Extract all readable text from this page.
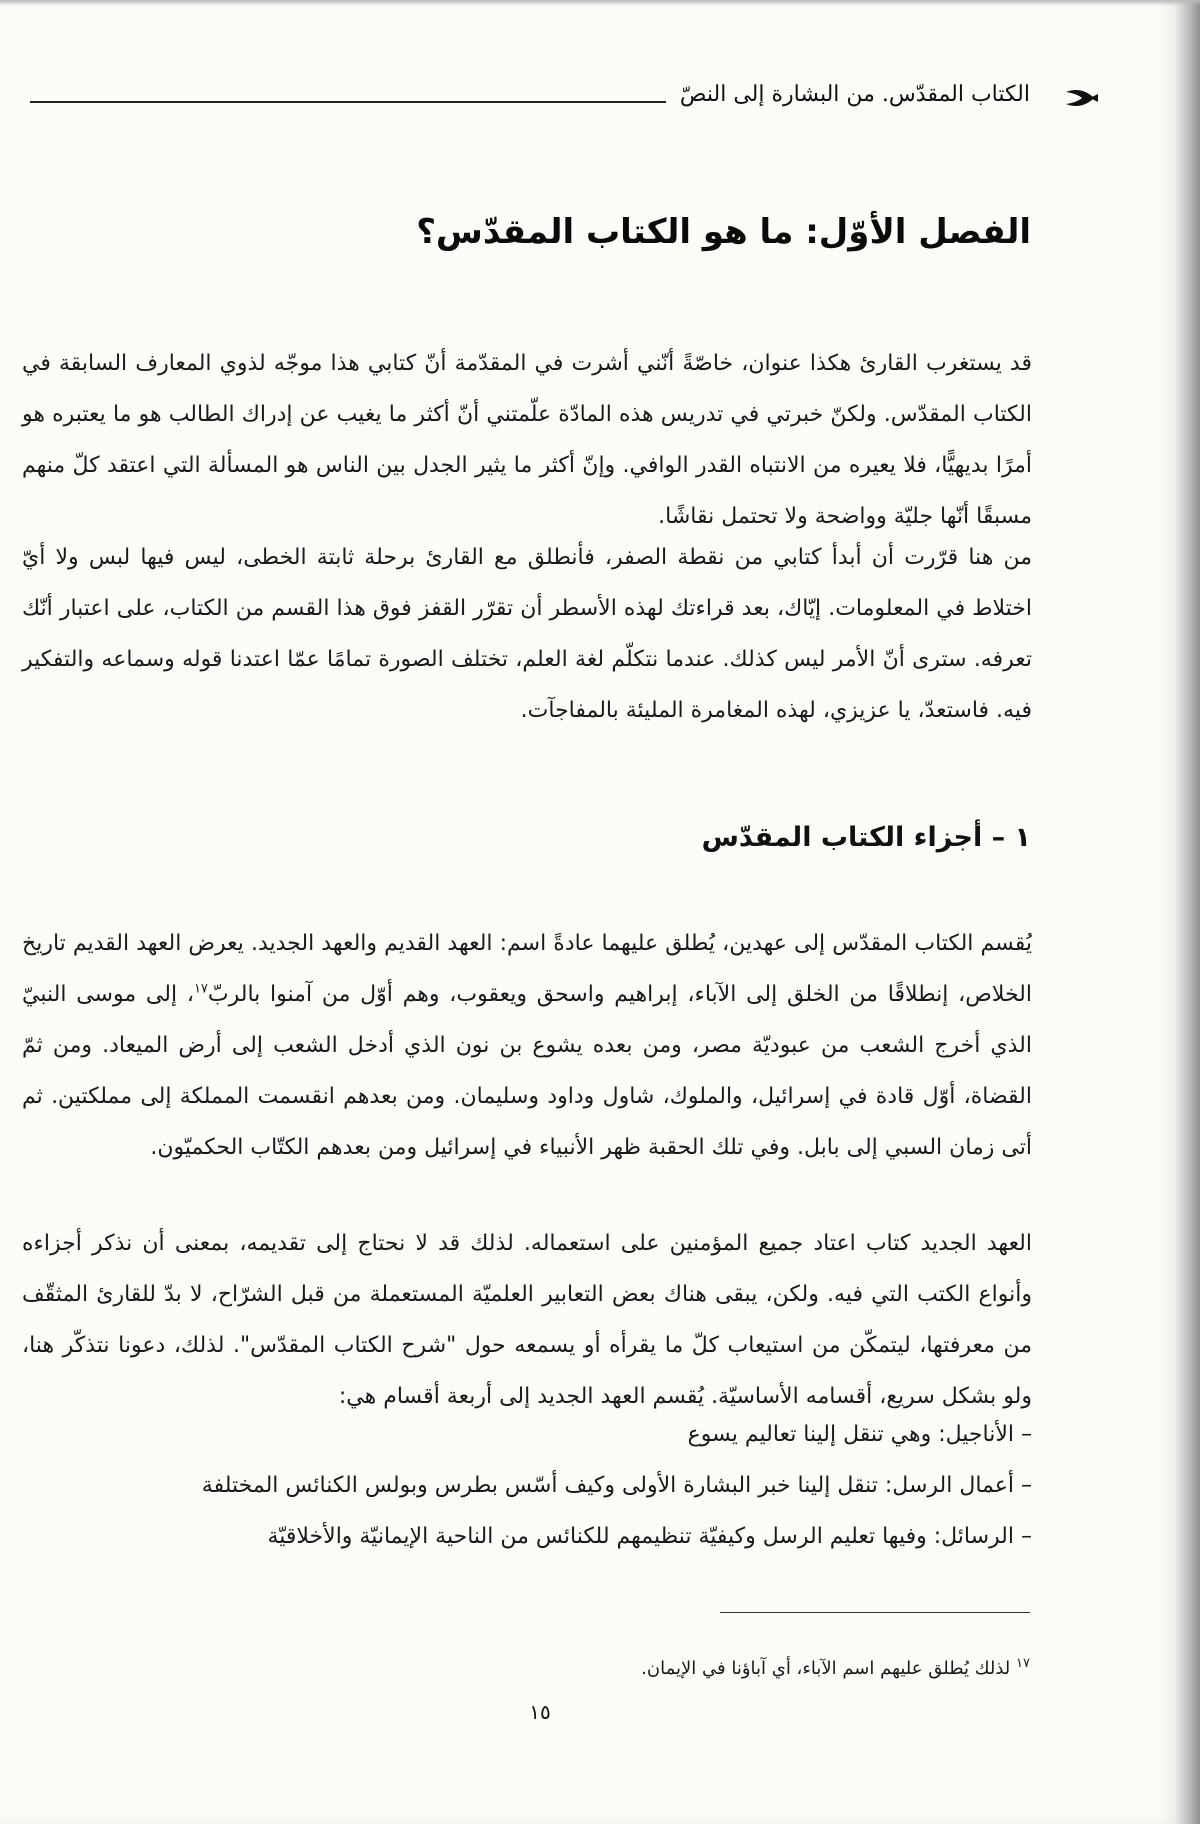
الكتاب المقدّس. من البشارة إلى النصّ
الفصل الأوّل: ما هو الكتاب المقدّس؟

قد يستغرب القارئ هكذا عنوان، خاصّةً أنّني أشرت في المقدّمة أنّ كتابي هذا موجّه لذوي المعارف السابقة في الكتاب المقدّس. ولكنّ خبرتي في تدريس هذه المادّة علّمتني أنّ أكثر ما يغيب عن إدراك الطالب هو ما يعتبره هو أمرًا بديهيًّا، فلا يعيره من الانتباه القدر الوافي. وإنّ أكثر ما يثير الجدل بين الناس هو المسألة التي اعتقد كلّ منهم مسبقًا أنّها جليّة وواضحة ولا تحتمل نقاشًا.

من هنا قرّرت أن أبدأ كتابي من نقطة الصفر، فأنطلق مع القارئ برحلة ثابتة الخطى، ليس فيها لبس ولا أيّ اختلاط في المعلومات. إيّاك، بعد قراءتك لهذه الأسطر أن تقرّر القفز فوق هذا القسم من الكتاب، على اعتبار أنّك تعرفه. سترى أنّ الأمر ليس كذلك. عندما نتكلّم لغة العلم، تختلف الصورة تمامًا عمّا اعتدنا قوله وسماعه والتفكير فيه. فاستعدّ، يا عزيزي، لهذه المغامرة المليئة بالمفاجآت.

١ – أجزاء الكتاب المقدّس

يُقسم الكتاب المقدّس إلى عهدين، يُطلق عليهما عادةً اسم: العهد القديم والعهد الجديد. يعرض العهد القديم تاريخ الخلاص، إنطلاقًا من الخلق إلى الآباء، إبراهيم واسحق ويعقوب، وهم أوّل من آمنوا بالربّ$^{١٧}$، إلى موسى النبيّ الذي أخرج الشعب من عبوديّة مصر، ومن بعده يشوع بن نون الذي أدخل الشعب إلى أرض الميعاد. ومن ثمّ القضاة، أوّل قادة في إسرائيل، والملوك، شاول وداود وسليمان. ومن بعدهم انقسمت المملكة إلى مملكتين. ثم أتى زمان السبي إلى بابل. وفي تلك الحقبة ظهر الأنبياء في إسرائيل ومن بعدهم الكتّاب الحكميّون.

العهد الجديد كتاب اعتاد جميع المؤمنين على استعماله. لذلك قد لا نحتاج إلى تقديمه، بمعنى أن نذكر أجزاءه وأنواع الكتب التي فيه. ولكن، يبقى هناك بعض التعابير العلميّة المستعملة من قبل الشرّاح، لا بدّ للقارئ المثقّف من معرفتها، ليتمكّن من استيعاب كلّ ما يقرأه أو يسمعه حول "شرح الكتاب المقدّس". لذلك، دعونا نتذكّر هنا، ولو بشكل سريع، أقسامه الأساسيّة. يُقسم العهد الجديد إلى أربعة أقسام هي:

– الأناجيل: وهي تنقل إلينا تعاليم يسوع
– أعمال الرسل: تنقل إلينا خبر البشارة الأولى وكيف أسّس بطرس وبولس الكنائس المختلفة
– الرسائل: وفيها تعليم الرسل وكيفيّة تنظيمهم للكنائس من الناحية الإيمانيّة والأخلاقيّة

$^{١٧}$ لذلك يُطلق عليهم اسم الآباء، أي آباؤنا في الإيمان.

١٥
